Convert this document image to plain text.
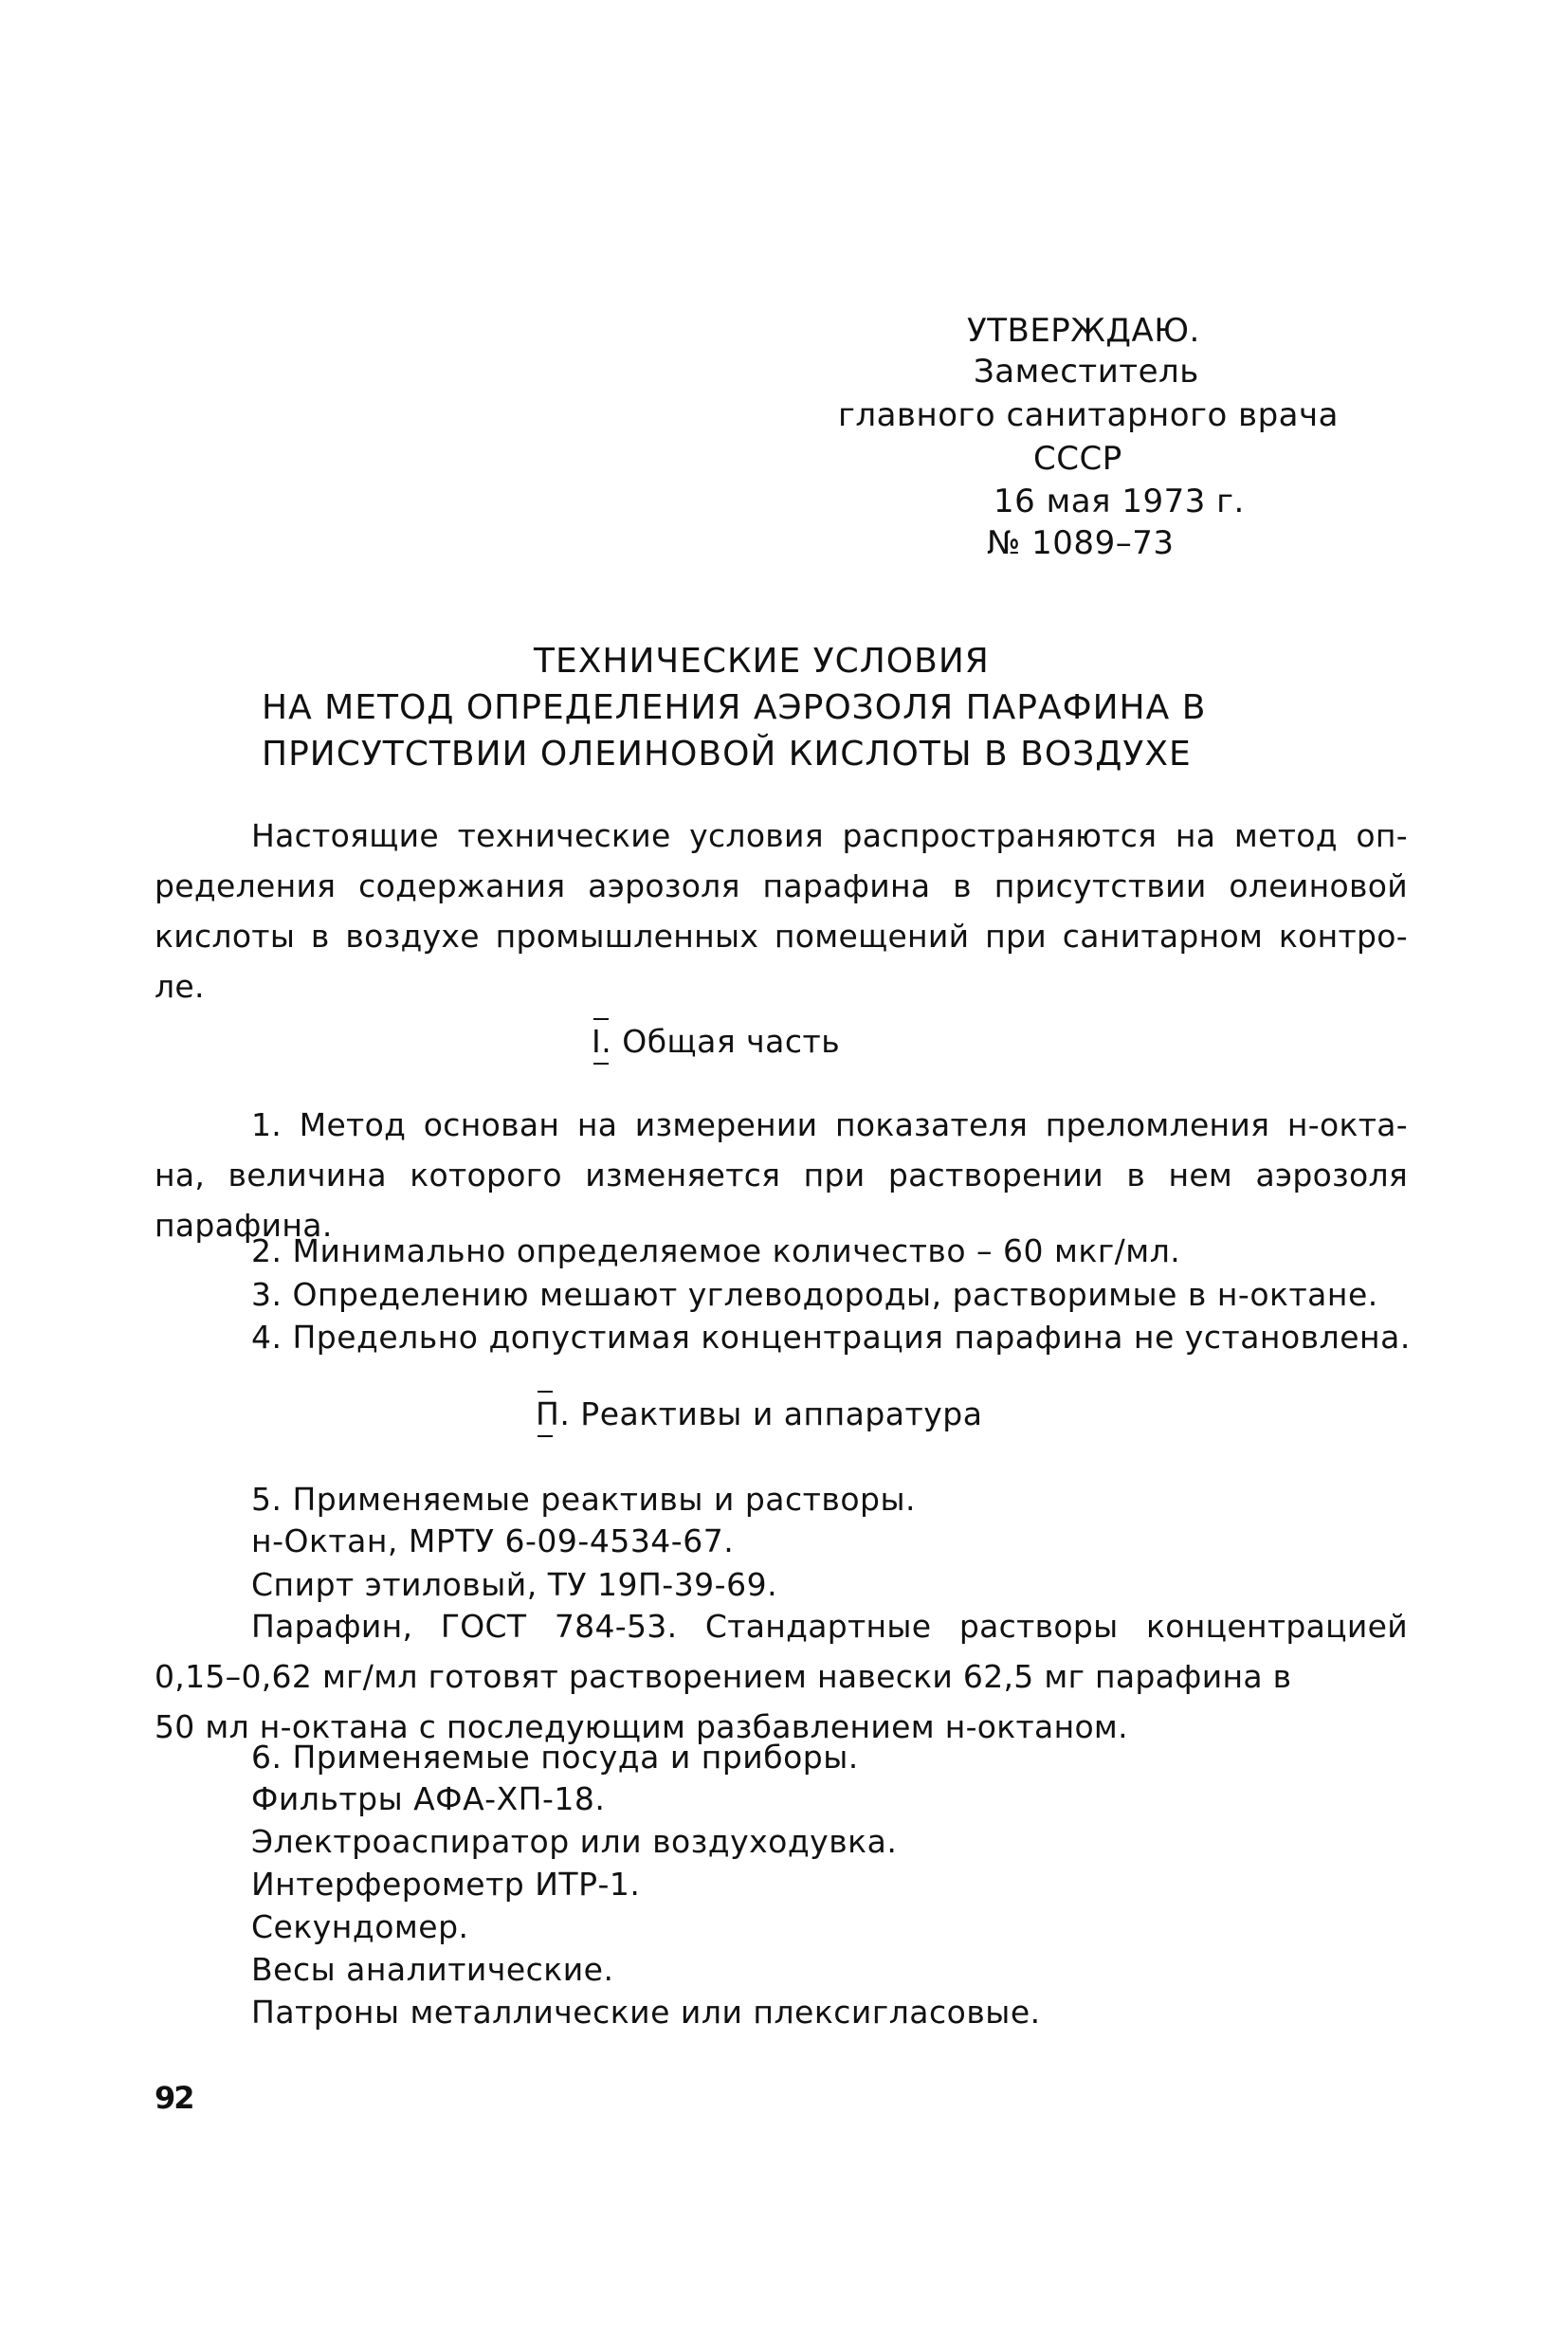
УТВЕРЖДАЮ.
Заместитель
главного санитарного врача
СССР
16 мая 1973 г.
№ 1089–73
ТЕХНИЧЕСКИЕ УСЛОВИЯ
НА МЕТОД ОПРЕДЕЛЕНИЯ АЭРОЗОЛЯ ПАРАФИНА В
ПРИСУТСТВИИ ОЛЕИНОВОЙ КИСЛОТЫ В ВОЗДУХЕ
Настоящие технические условия распространяются на метод оп-
ределения содержания аэрозоля парафина в присутствии олеиновой
кислоты в воздухе промышленных помещений при санитарном контро-
ле.
I. Общая часть
1. Метод основан на измерении показателя преломления н-окта-
на, величина которого изменяется при растворении в нем аэрозоля
парафина.
2. Минимально определяемое количество – 60 мкг/мл.
3. Определению мешают углеводороды, растворимые в н-октане.
4. Предельно допустимая концентрация парафина не установлена.
П. Реактивы и аппаратура
5. Применяемые реактивы и растворы.
н-Октан, МРТУ 6-09-4534-67.
Спирт этиловый, ТУ 19П-39-69.
Парафин, ГОСТ 784-53. Стандартные растворы концентрацией
0,15–0,62 мг/мл готовят растворением навески 62,5 мг парафина в
50 мл н-октана с последующим разбавлением н-октаном.
6. Применяемые посуда и приборы.
Фильтры АФА-ХП-18.
Электроаспиратор или воздуходувка.
Интерферометр ИТР-1.
Секундомер.
Весы аналитические.
Патроны металлические или плексигласовые.
92
